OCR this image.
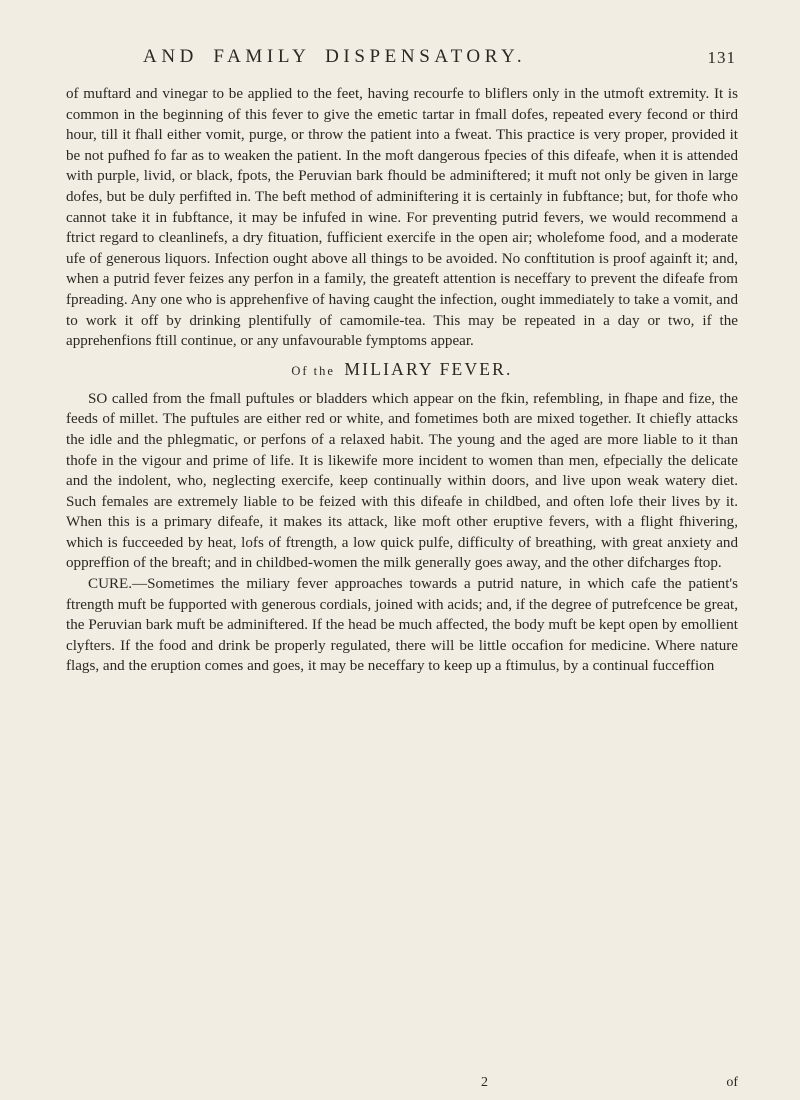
AND FAMILY DISPENSATORY.	131

of muftard and vinegar to be applied to the feet, having recourfe to bliflers only in the utmoft extremity. It is common in the beginning of this fever to give the emetic tartar in fmall dofes, repeated every fecond or third hour, till it fhall either vomit, purge, or throw the patient into a fweat. This practice is very proper, provided it be not pufhed fo far as to weaken the patient. In the moft dangerous fpecies of this difeafe, when it is attended with purple, livid, or black, fpots, the Peruvian bark fhould be adminiftered; it muft not only be given in large dofes, but be duly perfifted in. The beft method of adminiftering it is certainly in fubftance; but, for thofe who cannot take it in fubftance, it may be infufed in wine. For preventing putrid fevers, we would recommend a ftrict regard to cleanlinefs, a dry fituation, fufficient exercife in the open air; wholefome food, and a moderate ufe of generous liquors. Infection ought above all things to be avoided. No conftitution is proof againft it; and, when a putrid fever feizes any perfon in a family, the greateft attention is neceffary to prevent the difeafe from fpreading. Any one who is apprehenfive of having caught the infection, ought immediately to take a vomit, and to work it off by drinking plentifully of camomile-tea. This may be repeated in a day or two, if the apprehenfions ftill continue, or any unfavourable fymptoms appear.

Of the MILIARY FEVER.

SO called from the fmall puftules or bladders which appear on the fkin, refembling, in fhape and fize, the feeds of millet. The puftules are either red or white, and fometimes both are mixed together. It chiefly attacks the idle and the phlegmatic, or perfons of a relaxed habit. The young and the aged are more liable to it than thofe in the vigour and prime of life. It is likewife more incident to women than men, efpecially the delicate and the indolent, who, neglecting exercife, keep continually within doors, and live upon weak watery diet. Such females are extremely liable to be feized with this difeafe in childbed, and often lofe their lives by it. When this is a primary difeafe, it makes its attack, like moft other eruptive fevers, with a flight fhivering, which is fucceeded by heat, lofs of ftrength, a low quick pulfe, difficulty of breathing, with great anxiety and oppreffion of the breaft; and in childbed-women the milk generally goes away, and the other difcharges ftop.

CURE.—Sometimes the miliary fever approaches towards a putrid nature, in which cafe the patient's ftrength muft be fupported with generous cordials, joined with acids; and, if the degree of putrefcence be great, the Peruvian bark muft be adminiftered. If the head be much affected, the body muft be kept open by emollient clyfters. If the food and drink be properly regulated, there will be little occafion for medicine. Where nature flags, and the eruption comes and goes, it may be neceffary to keep up a ftimulus, by a continual fucceffion

2	of
